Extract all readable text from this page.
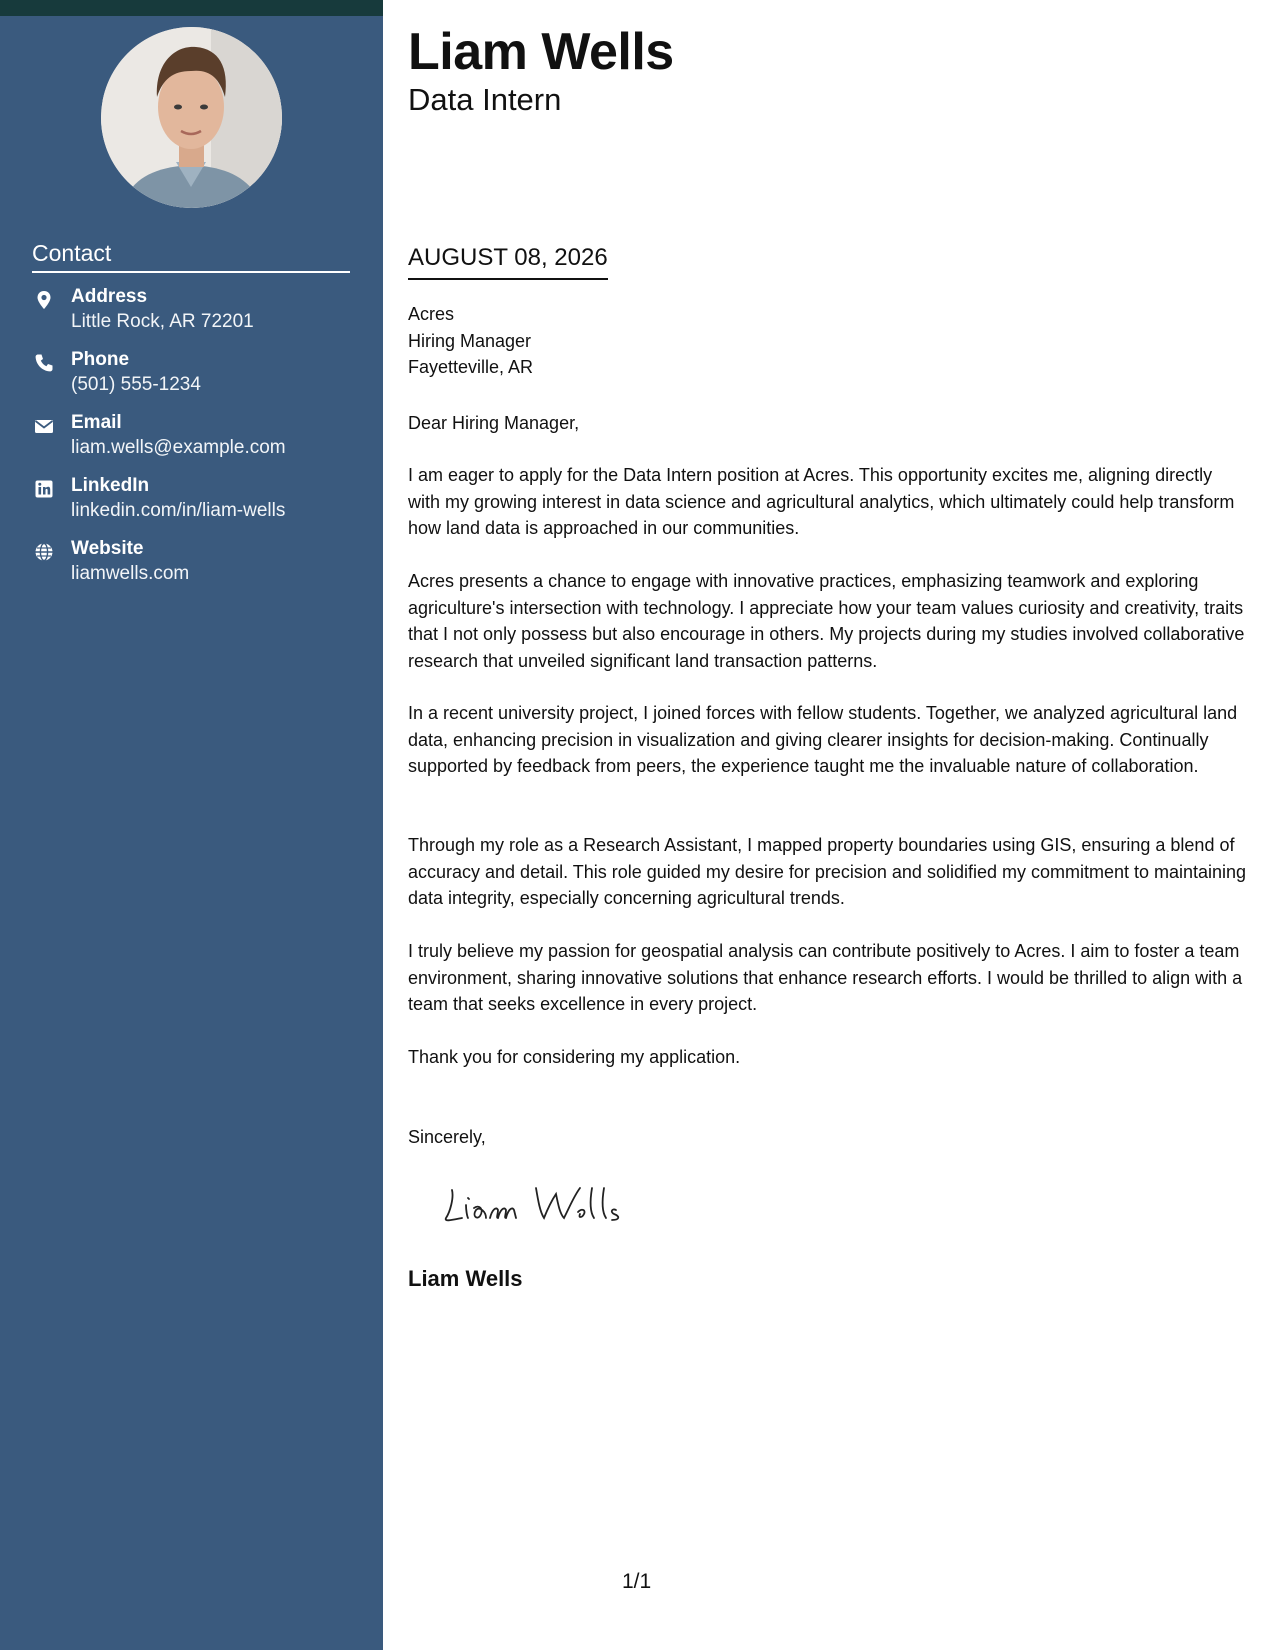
Contact
Address
Little Rock, AR 72201
Phone
(501) 555-1234
Email
liam.wells@example.com
LinkedIn
linkedin.com/in/liam-wells
Website
liamwells.com
Liam Wells
Data Intern
AUGUST 08, 2026
Acres
Hiring Manager
Fayetteville, AR
Dear Hiring Manager,
I am eager to apply for the Data Intern position at Acres. This opportunity excites me, aligning directly with my growing interest in data science and agricultural analytics, which ultimately could help transform how land data is approached in our communities.
Acres presents a chance to engage with innovative practices, emphasizing teamwork and exploring agriculture's intersection with technology. I appreciate how your team values curiosity and creativity, traits that I not only possess but also encourage in others. My projects during my studies involved collaborative research that unveiled significant land transaction patterns.
In a recent university project, I joined forces with fellow students. Together, we analyzed agricultural land data, enhancing precision in visualization and giving clearer insights for decision-making. Continually supported by feedback from peers, the experience taught me the invaluable nature of collaboration.
Through my role as a Research Assistant, I mapped property boundaries using GIS, ensuring a blend of accuracy and detail. This role guided my desire for precision and solidified my commitment to maintaining data integrity, especially concerning agricultural trends.
I truly believe my passion for geospatial analysis can contribute positively to Acres. I aim to foster a team environment, sharing innovative solutions that enhance research efforts. I would be thrilled to align with a team that seeks excellence in every project.
Thank you for considering my application.
Sincerely,
Liam Wells
1/1
